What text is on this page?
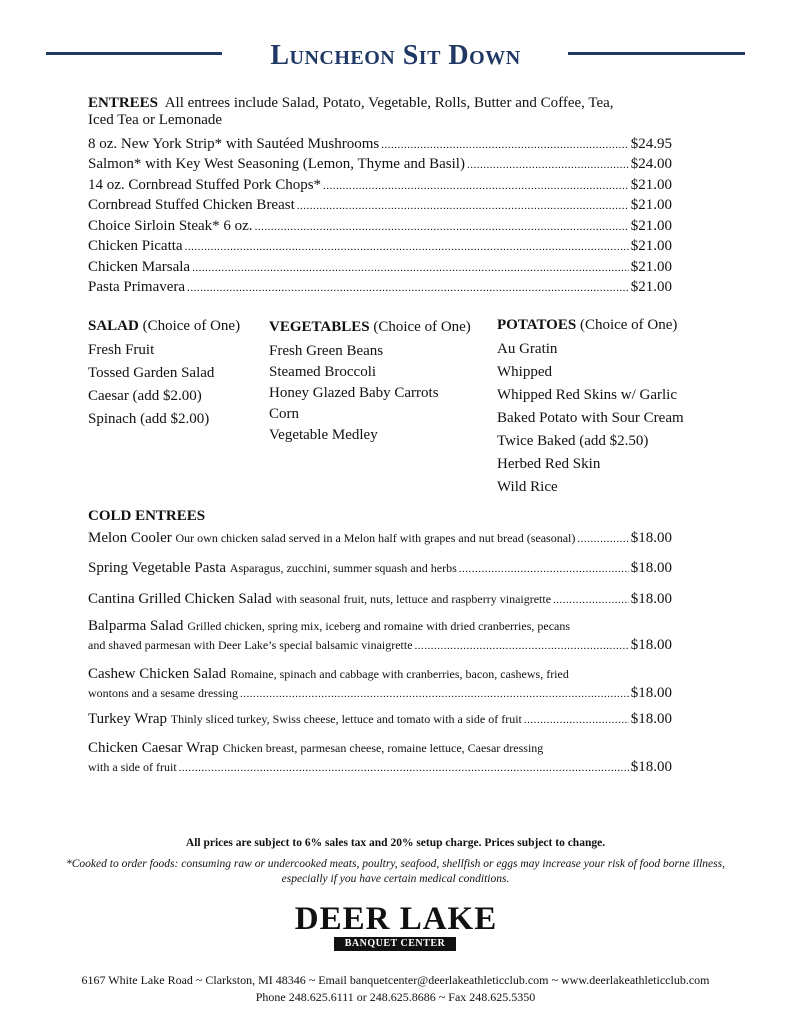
Luncheon Sit Down
ENTREES All entrees include Salad, Potato, Vegetable, Rolls, Butter and Coffee, Tea,
Iced Tea or Lemonade
8 oz. New York Strip* with Sautéed Mushrooms .....	$24.95
Salmon* with Key West Seasoning (Lemon, Thyme and Basil) .....	$24.00
14 oz. Cornbread Stuffed Pork Chops* .....	$21.00
Cornbread Stuffed Chicken Breast .....	$21.00
Choice Sirloin Steak* 6 oz. .....	$21.00
Chicken Picatta .....	$21.00
Chicken Marsala .....	$21.00
Pasta Primavera .....	$21.00
SALAD (Choice of One)
Fresh Fruit
Tossed Garden Salad
Caesar (add $2.00)
Spinach (add $2.00)
VEGETABLES (Choice of One)
Fresh Green Beans
Steamed Broccoli
Honey Glazed Baby Carrots
Corn
Vegetable Medley
POTATOES (Choice of One)
Au Gratin
Whipped
Whipped Red Skins w/ Garlic
Baked Potato with Sour Cream
Twice Baked (add $2.50)
Herbed Red Skin
Wild Rice
COLD ENTREES
Melon Cooler Our own chicken salad served in a Melon half with grapes and nut bread (seasonal) .....	$18.00
Spring Vegetable Pasta Asparagus, zucchini, summer squash and herbs .....	$18.00
Cantina Grilled Chicken Salad with seasonal fruit, nuts, lettuce and raspberry vinaigrette .....	$18.00
Balparma Salad Grilled chicken, spring mix, iceberg and romaine with dried cranberries, pecans
and shaved parmesan with Deer Lake’s special balsamic vinaigrette .....	$18.00
Cashew Chicken Salad Romaine, spinach and cabbage with cranberries, bacon, cashews, fried
wontons and a sesame dressing .....	$18.00
Turkey Wrap Thinly sliced turkey, Swiss cheese, lettuce and tomato with a side of fruit .....	$18.00
Chicken Caesar Wrap Chicken breast, parmesan cheese, romaine lettuce, Caesar dressing
with a side of fruit .....	$18.00
All prices are subject to 6% sales tax and 20% setup charge. Prices subject to change.
*Cooked to order foods: consuming raw or undercooked meats, poultry, seafood, shellfish or eggs may increase your risk of food borne illness, especially if you have certain medical conditions.
DEER LAKE
BANQUET CENTER
6167 White Lake Road ~ Clarkston, MI 48346 ~ Email banquetcenter@deerlakeathleticclub.com ~ www.deerlakeathleticclub.com
Phone 248.625.6111 or 248.625.8686 ~ Fax 248.625.5350
